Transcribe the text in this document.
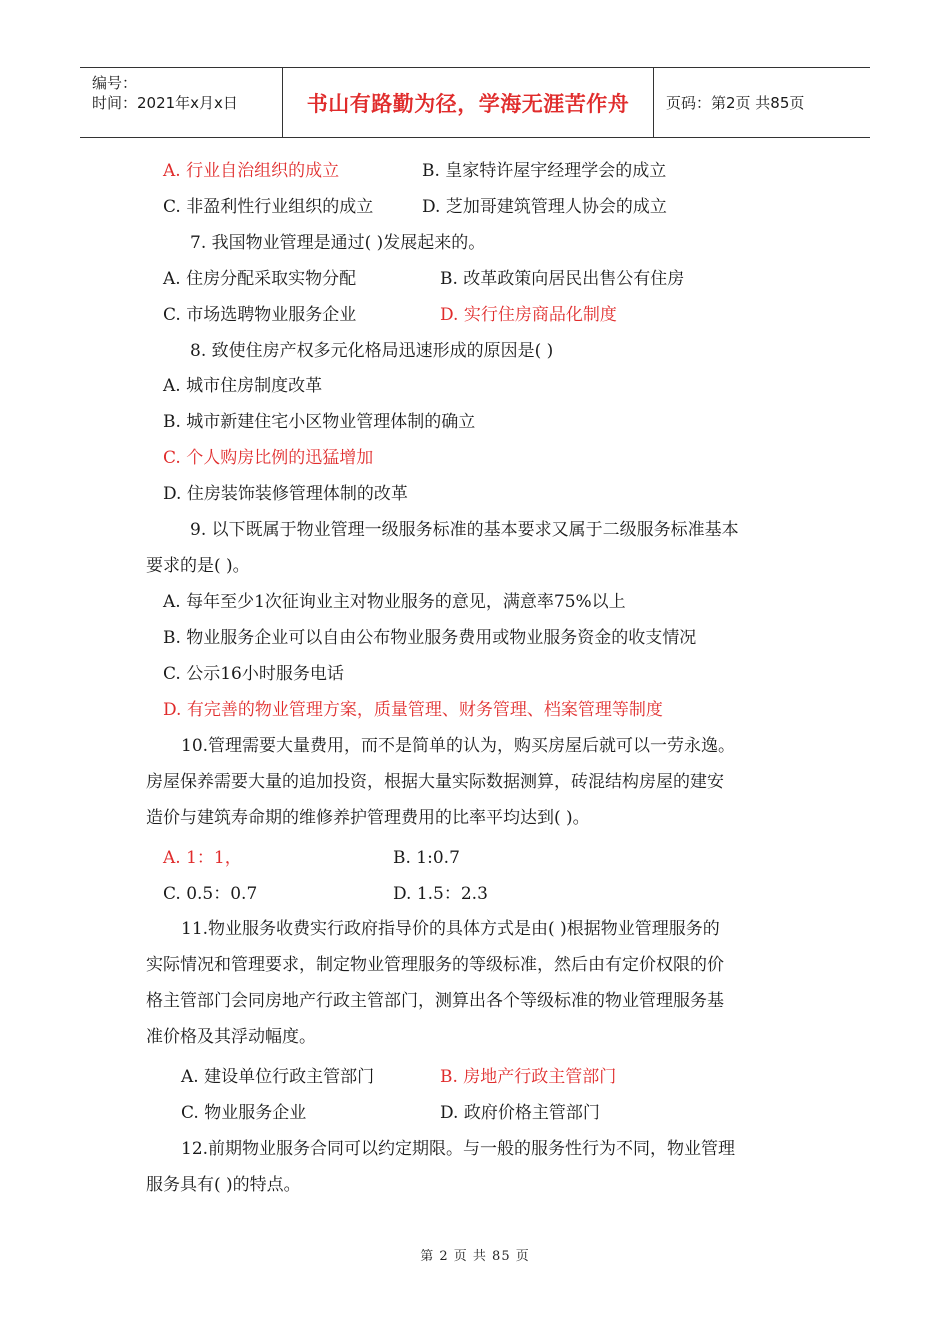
编号：
时间：2021年x月x日	书山有路勤为径，学海无涯苦作舟	页码：第2页 共85页
A. 行业自治组织的成立	B. 皇家特许屋宇经理学会的成立
C. 非盈利性行业组织的成立	D. 芝加哥建筑管理人协会的成立
7. 我国物业管理是通过( )发展起来的。
A. 住房分配采取实物分配	B. 改革政策向居民出售公有住房
C. 市场选聘物业服务企业	D. 实行住房商品化制度
8. 致使住房产权多元化格局迅速形成的原因是( )
A. 城市住房制度改革
B. 城市新建住宅小区物业管理体制的确立
C. 个人购房比例的迅猛增加
D. 住房装饰装修管理体制的改革
9. 以下既属于物业管理一级服务标准的基本要求又属于二级服务标准基本
要求的是( )。
A. 每年至少1次征询业主对物业服务的意见，满意率75%以上
B. 物业服务企业可以自由公布物业服务费用或物业服务资金的收支情况
C. 公示16小时服务电话
D. 有完善的物业管理方案，质量管理、财务管理、档案管理等制度
10.管理需要大量费用，而不是简单的认为，购买房屋后就可以一劳永逸。
房屋保养需要大量的追加投资，根据大量实际数据测算，砖混结构房屋的建安
造价与建筑寿命期的维修养护管理费用的比率平均达到( )。
A. 1：1，	B. 1:0.7
C. 0.5：0.7	D. 1.5：2.3
11.物业服务收费实行政府指导价的具体方式是由( )根据物业管理服务的
实际情况和管理要求，制定物业管理服务的等级标准，然后由有定价权限的价
格主管部门会同房地产行政主管部门，测算出各个等级标准的物业管理服务基
准价格及其浮动幅度。
A. 建设单位行政主管部门	B. 房地产行政主管部门
C. 物业服务企业	D. 政府价格主管部门
12.前期物业服务合同可以约定期限。与一般的服务性行为不同，物业管理
服务具有( )的特点。
第 2 页 共 85 页
